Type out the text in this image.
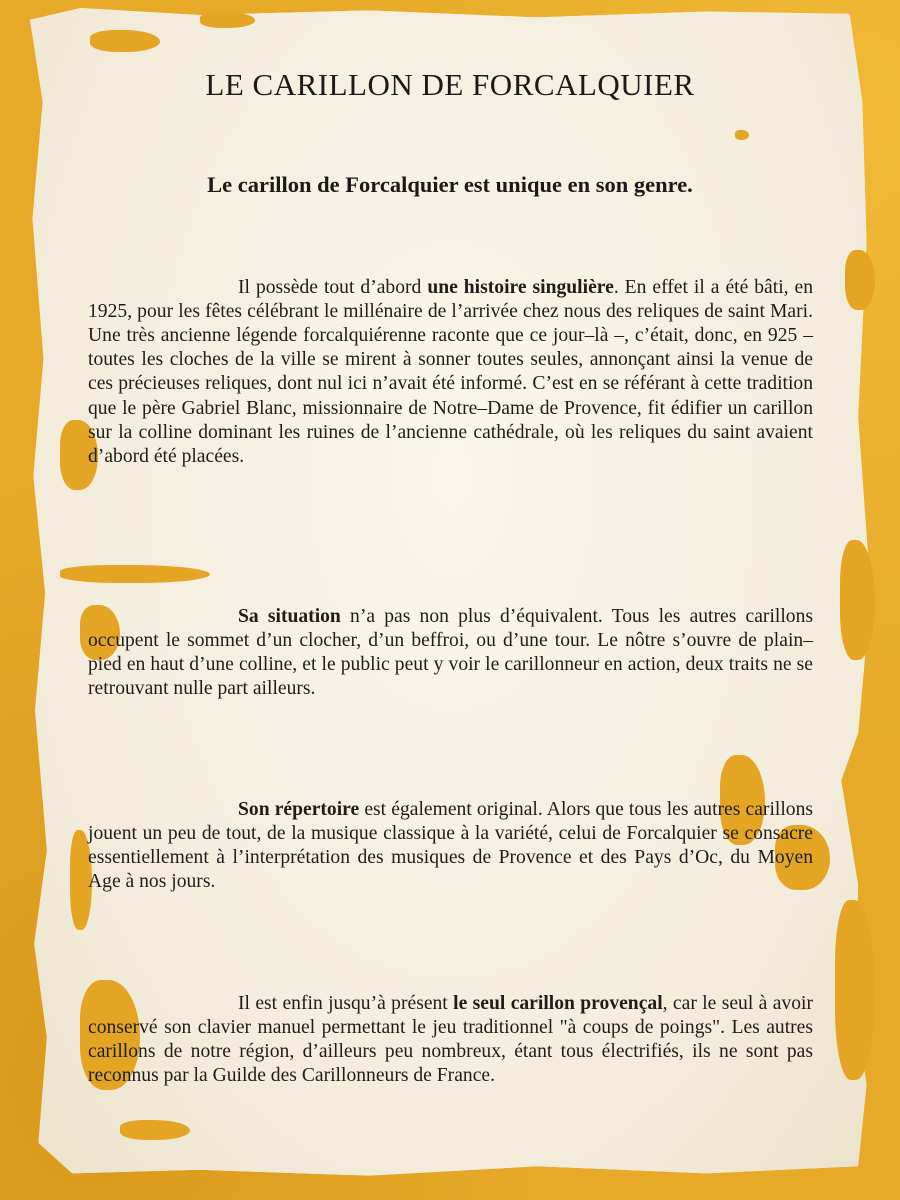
LE CARILLON DE FORCALQUIER
Le carillon de Forcalquier est unique en son genre.

Il possède tout d’abord une histoire singulière. En effet il a été bâti, en 1925, pour les fêtes célébrant le millénaire de l’arrivée chez nous des reliques de saint Mari. Une très ancienne légende forcalquiérenne raconte que ce jour–là –, c’était, donc, en 925 – toutes les cloches de la ville se mirent à sonner toutes seules, annonçant ainsi la venue de ces précieuses reliques, dont nul ici n’avait été informé. C’est en se référant à cette tradition que le père Gabriel Blanc, missionnaire de Notre–Dame de Provence, fit édifier un carillon sur la colline dominant les ruines de l’ancienne cathédrale, où les reliques du saint avaient d’abord été placées.

Sa situation n’a pas non plus d’équivalent. Tous les autres carillons occupent le sommet d’un clocher, d’un beffroi, ou d’une tour. Le nôtre s’ouvre de plain–pied en haut d’une colline, et le public peut y voir le carillonneur en action, deux traits ne se retrouvant nulle part ailleurs.

Son répertoire est également original. Alors que tous les autres carillons jouent un peu de tout, de la musique classique à la variété, celui de Forcalquier se consacre essentiellement à l’interprétation des musiques de Provence et des Pays d’Oc, du Moyen Age à nos jours.

Il est enfin jusqu’à présent le seul carillon provençal, car le seul à avoir conservé son clavier manuel permettant le jeu traditionnel "à coups de poings". Les autres carillons de notre région, d’ailleurs peu nombreux, étant tous électrifiés, ils ne sont pas reconnus par la Guilde des Carillonneurs de France.
